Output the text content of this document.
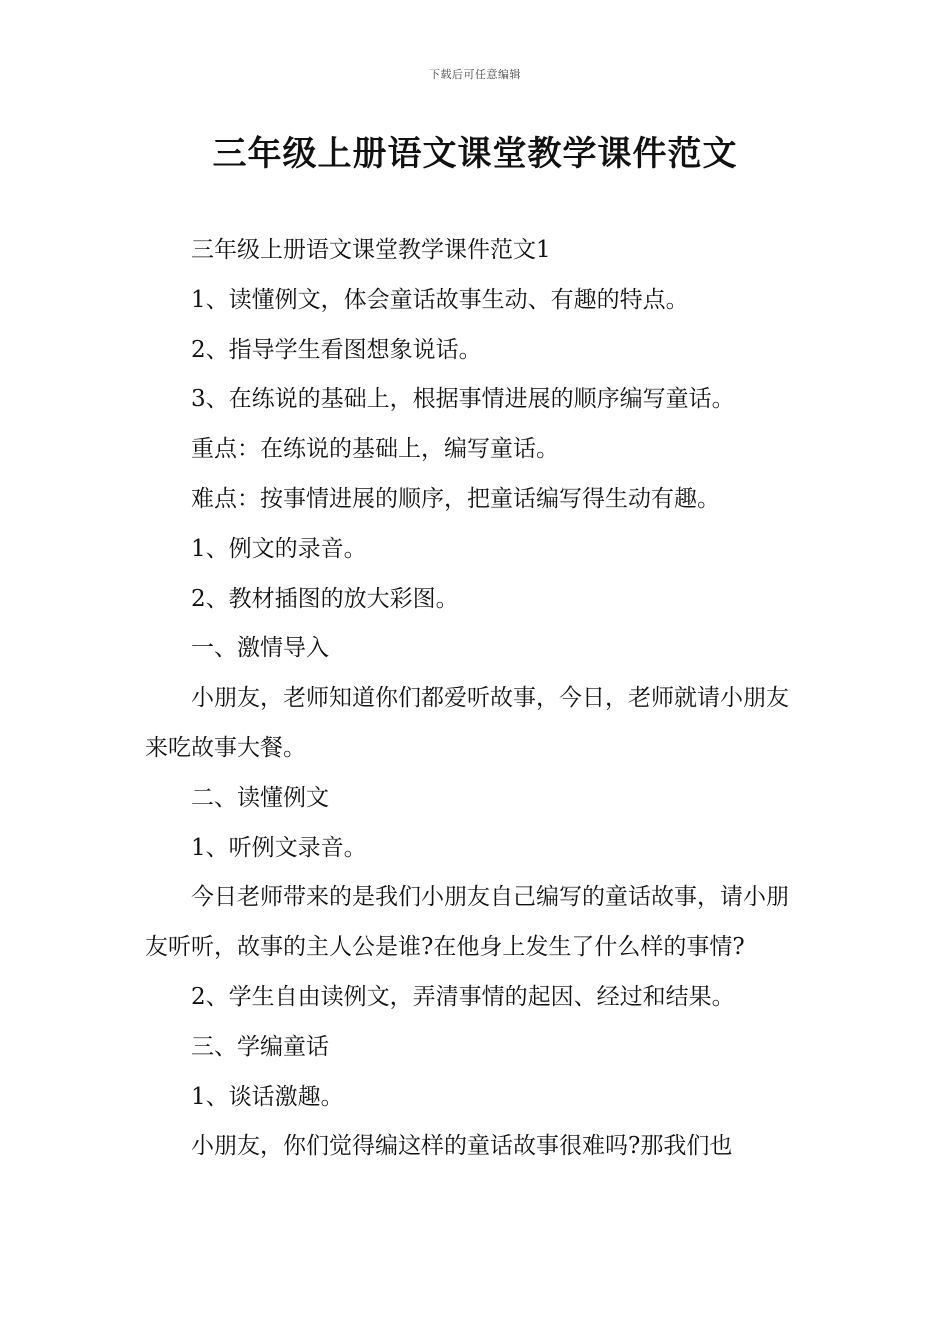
下载后可任意编辑
三年级上册语文课堂教学课件范文

三年级上册语文课堂教学课件范文1

1、读懂例文，体会童话故事生动、有趣的特点。

2、指导学生看图想象说话。

3、在练说的基础上，根据事情进展的顺序编写童话。

重点：在练说的基础上，编写童话。

难点：按事情进展的顺序，把童话编写得生动有趣。

1、例文的录音。

2、教材插图的放大彩图。

一、激情导入

小朋友，老师知道你们都爱听故事，今日，老师就请小朋友来吃故事大餐。

二、读懂例文

1、听例文录音。

今日老师带来的是我们小朋友自己编写的童话故事，请小朋友听听，故事的主人公是谁?在他身上发生了什么样的事情?

2、学生自由读例文，弄清事情的起因、经过和结果。

三、学编童话

1、谈话激趣。

小朋友，你们觉得编这样的童话故事很难吗?那我们也
